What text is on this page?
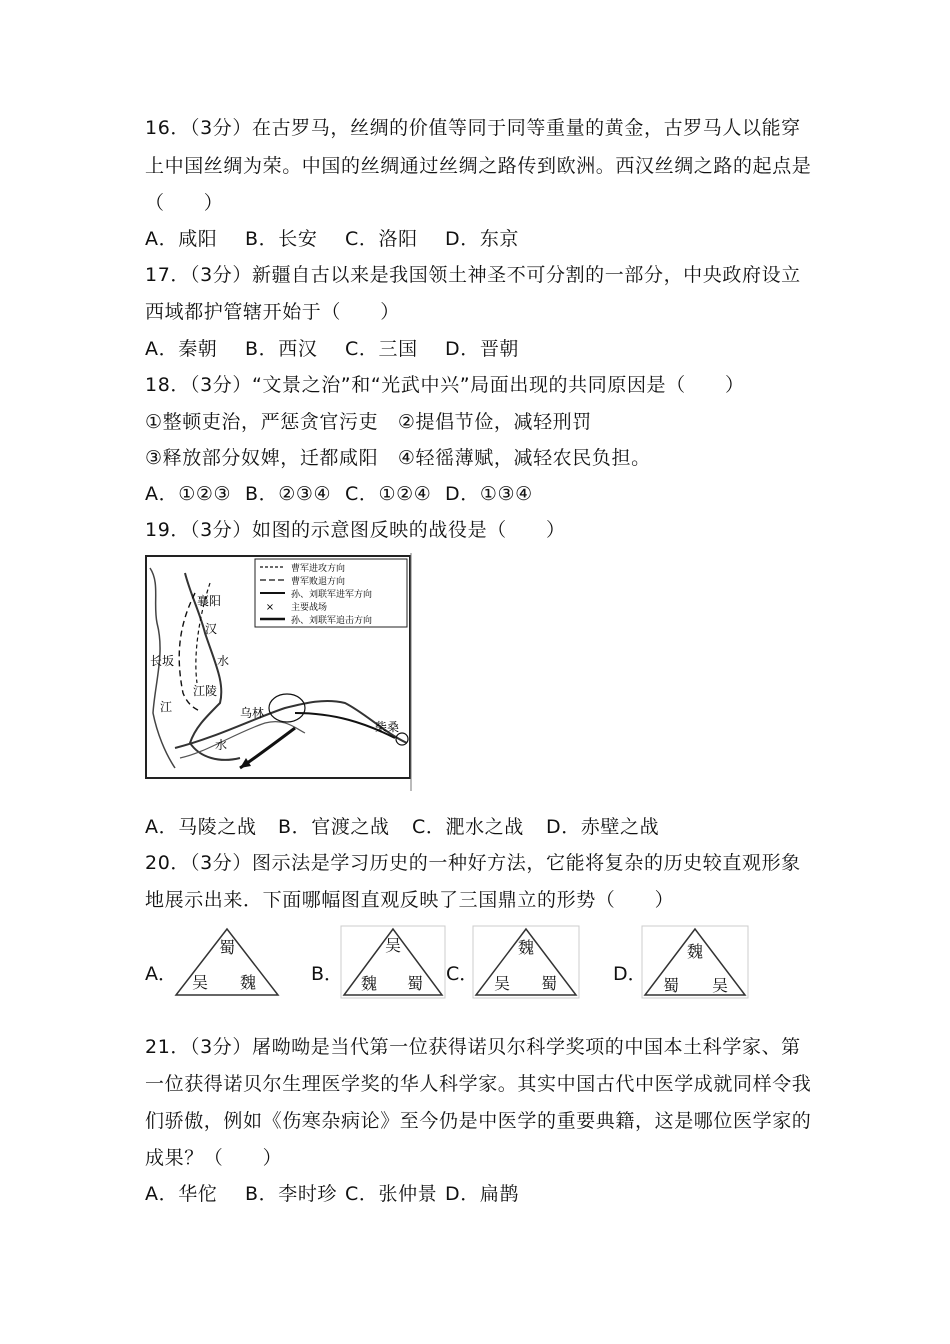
16．（3分）在古罗马，丝绸的价值等同于同等重量的黄金，古罗马人以能穿
上中国丝绸为荣。中国的丝绸通过丝绸之路传到欧洲。西汉丝绸之路的起点是
（　　）
A．咸阳 B．长安 C．洛阳 D．东京
17．（3分）新疆自古以来是我国领土神圣不可分割的一部分，中央政府设立
西域都护管辖开始于（　　）
A．秦朝 B．西汉 C．三国 D．晋朝
18．（3分）“文景之治”和“光武中兴”局面出现的共同原因是（　　）
①整顿吏治，严惩贪官污吏　②提倡节俭，减轻刑罚
③释放部分奴婢，迁都咸阳　④轻徭薄赋，减轻农民负担。
A．①②③ B．②③④ C．①②④ D．①③④
19．（3分）如图的示意图反映的战役是（　　）
×
曹军进攻方向
曹军败退方向
孙、刘联军进军方向
主要战场
孙、刘联军追击方向
襄阳
汉
水
长坂
江陵
江
水
乌林
柴桑
A．马陵之战 B．官渡之战 C．淝水之战 D．赤壁之战
20．（3分）图示法是学习历史的一种好方法，它能将复杂的历史较直观形象
地展示出来．下面哪幅图直观反映了三国鼎立的形势（　　）
A．
蜀
吴 魏	B．
吴
魏 蜀 C．
魏
吴 蜀	D．
魏
蜀 吴
21．（3分）屠呦呦是当代第一位获得诺贝尔科学奖项的中国本土科学家、第
一位获得诺贝尔生理医学奖的华人科学家。其实中国古代中医学成就同样令我
们骄傲，例如《伤寒杂病论》至今仍是中医学的重要典籍，这是哪位医学家的
成果？（　　）
A．华佗 B．李时珍 C．张仲景 D．扁鹊
